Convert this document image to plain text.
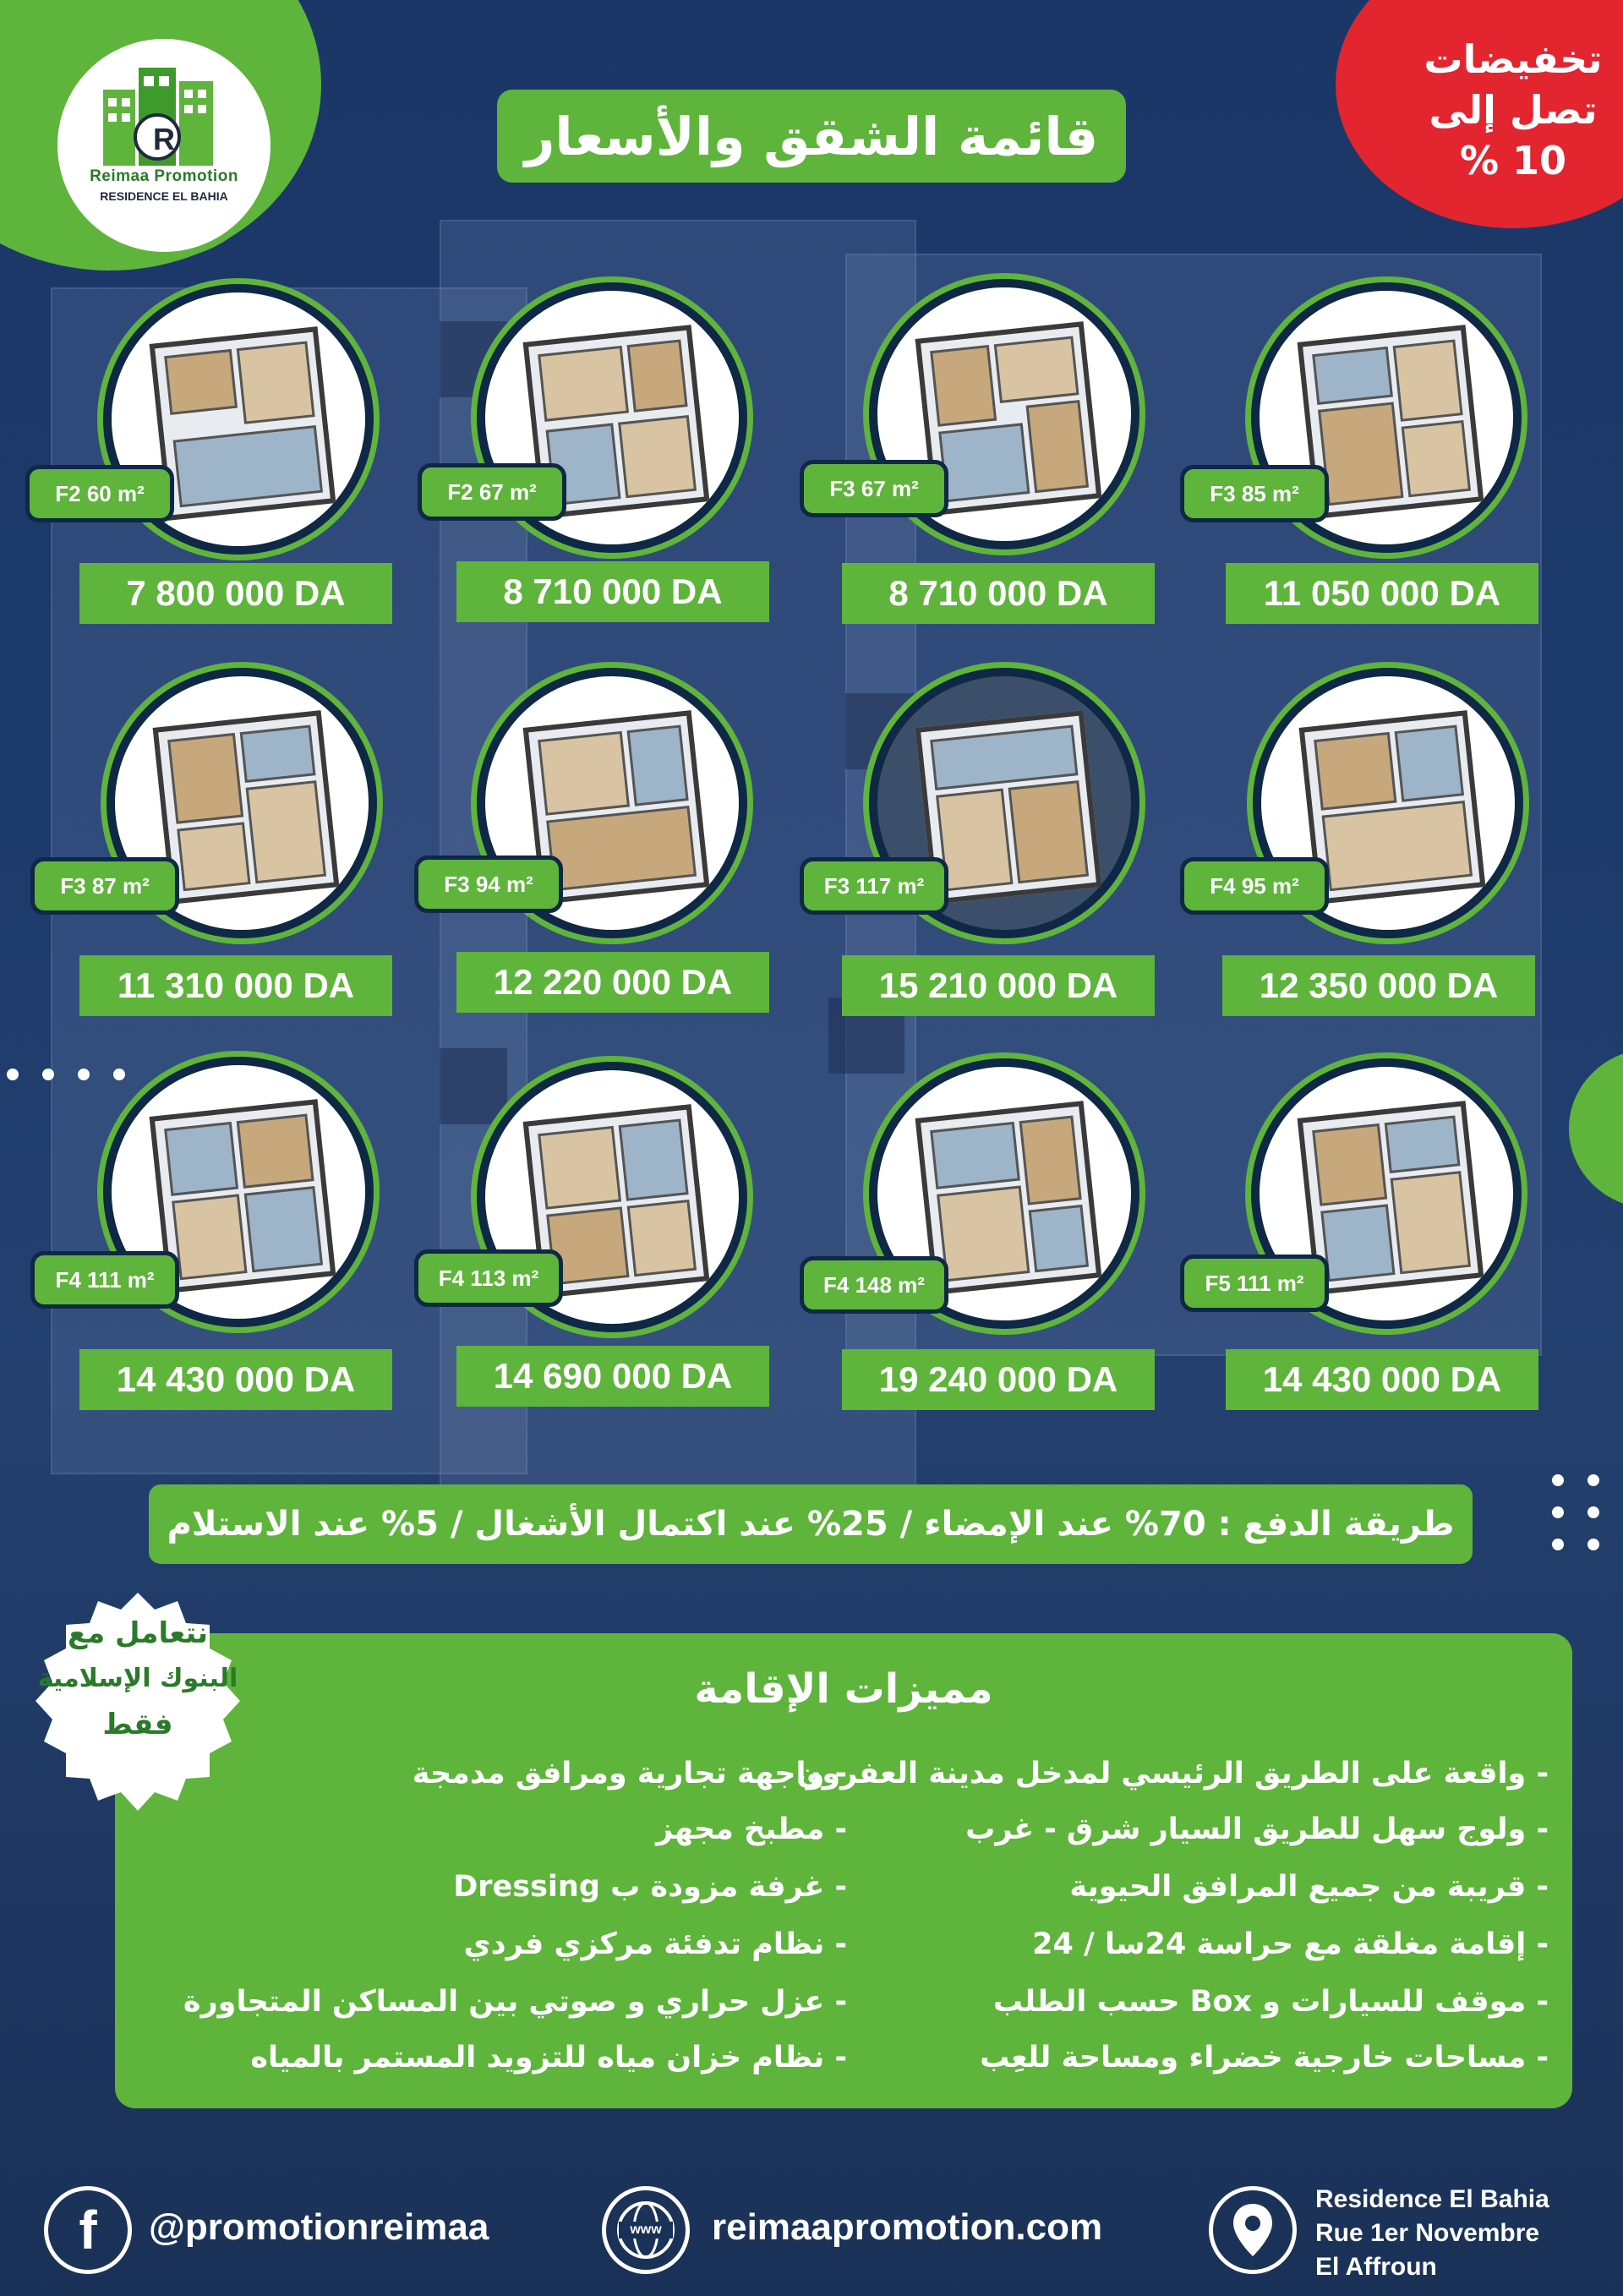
R
Reimaa Promotion
RESIDENCE EL BAHIA
قائمة الشقق والأسعار
تخفيضات
تصل إلى
10 %
F2 60 m²
7 800 000 DA
F2 67 m²
8 710 000 DA
F3 67 m²
8 710 000 DA
F3 85 m²
11 050 000 DA
F3 87 m²
11 310 000 DA
F3 94 m²
12 220 000 DA
F3 117 m²
15 210 000 DA
F4 95 m²
12 350 000 DA
F4 111 m²
14 430 000 DA
F4 113 m²
14 690 000 DA
F4 148 m²
19 240 000 DA
F5 111 m²
14 430 000 DA
طريقة الدفع : 70% عند الإمضاء / 25% عند اكتمال الأشغال / 5% عند الاستلام
مميزات الإقامة
- واقعة على الطريق الرئيسي لمدخل مدينة العفرون
- ولوج سهل للطريق السيار شرق - غرب
- قريبة من جميع المرافق الحيوية
- إقامة مغلقة مع حراسة 24سا / 24
- موقف للسيارات و Box حسب الطلب
- مساحات خارجية خضراء ومساحة للعِب
- واجهة تجارية ومرافق مدمجة
- مطبخ مجهز
- غرفة مزودة ب Dressing
- نظام تدفئة مركزي فردي
- عزل حراري و صوتي بين المساكن المتجاورة
- نظام خزان مياه للتزويد المستمر بالمياه
نتعامل مع
البنوك الإسلامية
فقط
f @promotionreimaa	www reimaapromotion.com
Residence El Bahia
Rue 1er Novembre
El Affroun
